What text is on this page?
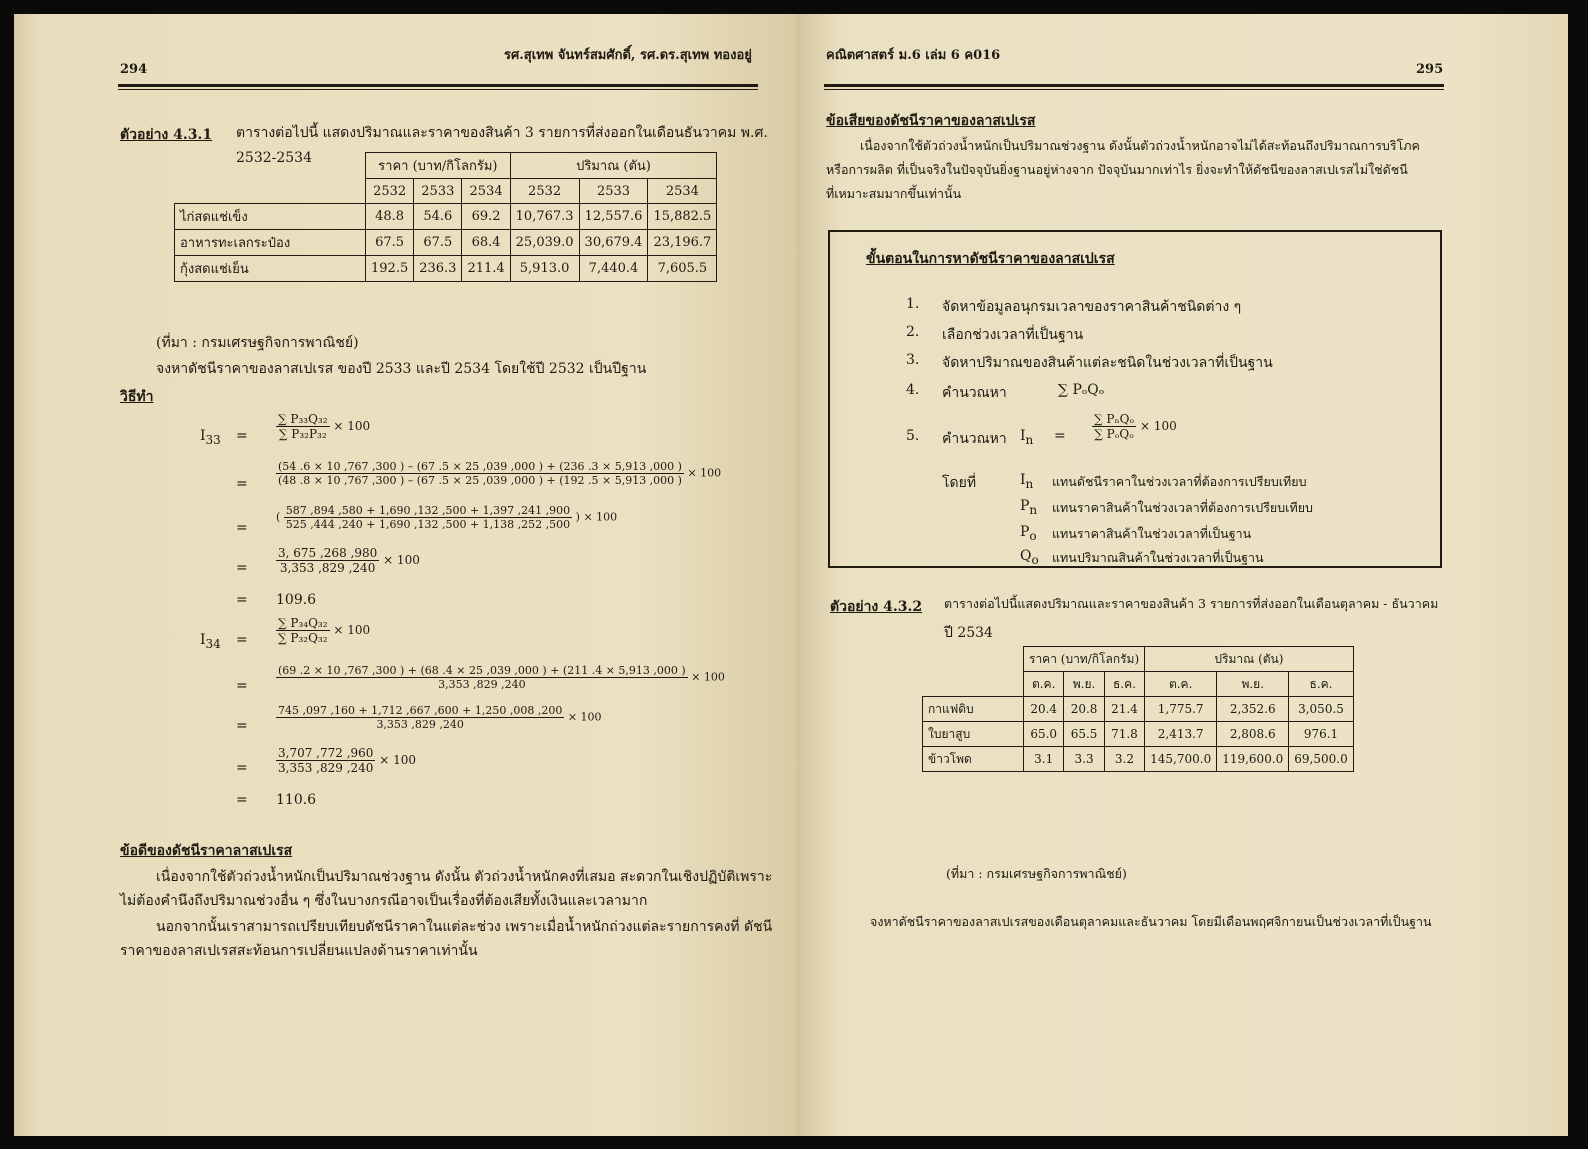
294
รศ.สุเทพ จันทร์สมศักดิ์, รศ.ดร.สุเทพ ทองอยู่
ตัวอย่าง 4.3.1 ตารางต่อไปนี้ แสดงปริมาณและราคาของสินค้า 3 รายการที่ส่งออกในเดือนธันวาคม พ.ศ.
2532-2534
	ราคา (บาท/กิโลกรัม)			ปริมาณ (ตัน)		
	2532	2533	2534	2532	2533	2534
ไก่สดแช่เข็ง	48.8	54.6	69.2	10,767.3	12,557.6	15,882.5
อาหารทะเลกระป๋อง	67.5	67.5	68.4	25,039.0	30,679.4	23,196.7
กุ้งสดแช่เย็น	192.5	236.3	211.4	5,913.0	7,440.4	7,605.5
(ที่มา : กรมเศรษฐกิจการพาณิชย์)
จงหาดัชนีราคาของลาสเปเรส ของปี 2533 และปี 2534 โดยใช้ปี 2532 เป็นปีฐาน
วิธีทำ
$I_{33} = \frac{\text{∑ P₃₃Q₃₂}}{\text{∑ P₃₂P₃₂}} \times 100$
=
(54 .6 × 10 ,767 ,300 ) – (67 .5 × 25 ,039 ,000 ) + (236 .3 × 5,913 ,000 )
(48 .8 × 10 ,767 ,300 ) – (67 .5 × 25 ,039 ,000 ) + (192 .5 × 5,913 ,000 )
× 100
=
( $\frac{587 ,894 ,580 + 1,690 ,132 ,500 + 1,397 ,241 ,900}{525 ,444 ,240 + 1,690 ,132 ,500 + 1,138 ,252 ,500}$ ) × 100
= $\frac{3, 675 ,268 ,980}{3,353 ,829 ,240} \times 100$
= 109.6
$I_{34} = \frac{\text{∑ P₃₄Q₃₂}}{\text{∑ P₃₂Q₃₂}} \times 100$
=
(69 .2 × 10 ,767 ,300 ) + (68 .4 × 25 ,039 ,000 ) + (211 .4 × 5,913 ,000 )
3,353 ,829 ,240
× 100
=	$\frac{745 ,097 ,160 + 1,712 ,667 ,600 + 1,250 ,008 ,200}{3,353 ,829 ,240} \times 100$
= $\frac{3,707 ,772 ,960}{3,353 ,829 ,240} \times 100$
= 110.6
ข้อดีของดัชนีราคาลาสเปเรส
เนื่องจากใช้ตัวถ่วงน้ำหนักเป็นปริมาณช่วงฐาน ดังนั้น ตัวถ่วงน้ำหนักคงที่เสมอ สะดวกในเชิงปฏิบัติเพราะ
ไม่ต้องคำนึงถึงปริมาณช่วงอื่น ๆ ซึ่งในบางกรณีอาจเป็นเรื่องที่ต้องเสียทั้งเงินและเวลามาก
นอกจากนั้นเราสามารถเปรียบเทียบดัชนีราคาในแต่ละช่วง เพราะเมื่อน้ำหนักถ่วงแต่ละรายการคงที่ ดัชนี
ราคาของลาสเปเรสสะท้อนการเปลี่ยนแปลงด้านราคาเท่านั้น
คณิตศาสตร์ ม.6 เล่ม 6 ค016
295
ข้อเสียของดัชนีราคาของลาสเปเรส
เนื่องจากใช้ตัวถ่วงน้ำหนักเป็นปริมาณช่วงฐาน ดังนั้นตัวถ่วงน้ำหนักอาจไม่ได้สะท้อนถึงปริมาณการบริโภค
หรือการผลิต ที่เป็นจริงในปัจจุบันยิ่งฐานอยู่ห่างจาก ปัจจุบันมากเท่าไร ยิ่งจะทำให้ดัชนีของลาสเปเรสไม่ใช่ดัชนี
ที่เหมาะสมมากขึ้นเท่านั้น
ขั้นตอนในการหาดัชนีราคาของลาสเปเรส
1. จัดหาข้อมูลอนุกรมเวลาของราคาสินค้าชนิดต่าง ๆ
2. เลือกช่วงเวลาที่เป็นฐาน
3. จัดหาปริมาณของสินค้าแต่ละชนิดในช่วงเวลาที่เป็นฐาน
4. คำนวณหา	∑ PₒQₒ
5. คำนวณหา $I_n = \frac{\text{∑ PₙQₒ}}{\text{∑ PₒQₒ}} \times 100$
โดยที่	$I_n$ แทนดัชนีราคาในช่วงเวลาที่ต้องการเปรียบเทียบ
$P_n$ แทนราคาสินค้าในช่วงเวลาที่ต้องการเปรียบเทียบ
$P_o$ แทนราคาสินค้าในช่วงเวลาที่เป็นฐาน
$Q_o$ แทนปริมาณสินค้าในช่วงเวลาที่เป็นฐาน
ตัวอย่าง 4.3.2 ตารางต่อไปนี้แสดงปริมาณและราคาของสินค้า 3 รายการที่ส่งออกในเดือนตุลาคม - ธันวาคม
ปี 2534
	ราคา (บาท/กิโลกรัม)			ปริมาณ (ตัน)		
	ต.ค.	พ.ย.	ธ.ค.	ต.ค.	พ.ย.	ธ.ค.
กาแฟดิบ	20.4	20.8	21.4	1,775.7	2,352.6	3,050.5
ใบยาสูบ	65.0	65.5	71.8	2,413.7	2,808.6	976.1
ข้าวโพด	3.1	3.3	3.2	145,700.0	119,600.0	69,500.0
(ที่มา : กรมเศรษฐกิจการพาณิชย์)
จงหาดัชนีราคาของลาสเปเรสของเดือนตุลาคมและธันวาคม โดยมีเดือนพฤศจิกายนเป็นช่วงเวลาที่เป็นฐาน
